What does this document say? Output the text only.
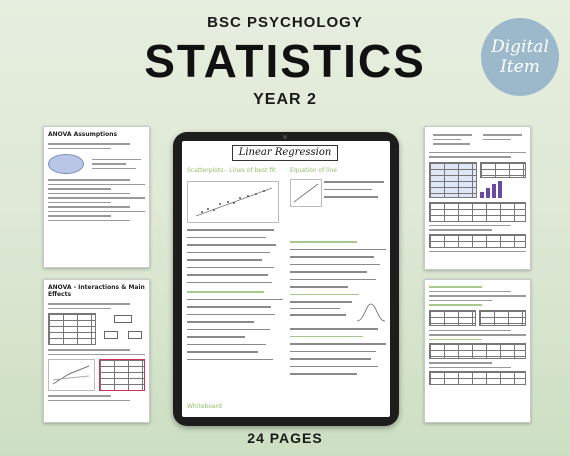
BSC PSYCHOLOGY
STATISTICS
YEAR 2
Digital
Item
ANOVA Assumptions
ANOVA - Interactions & Main Effects
Linear Regression
Scatterplots - Lines of best fit	Equation of line
Whiteboard
24 PAGES
